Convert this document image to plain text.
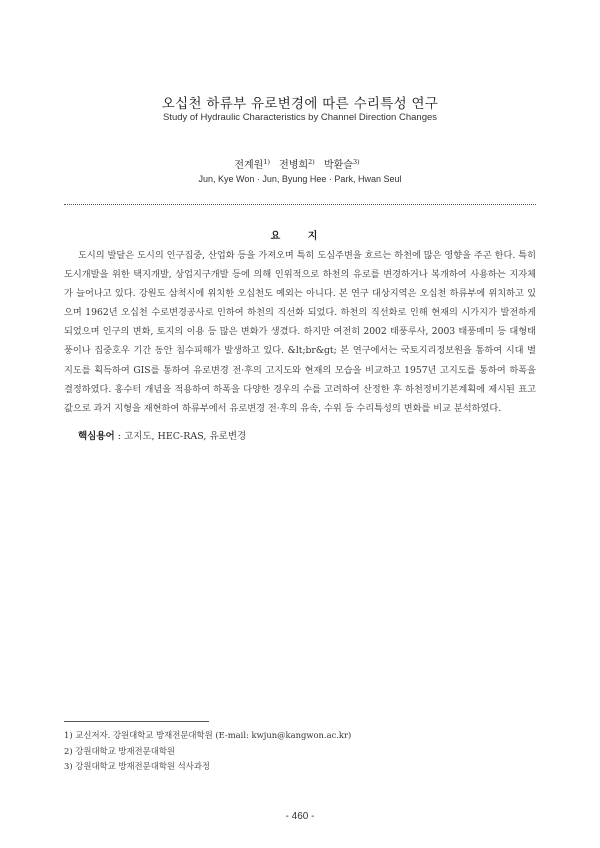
오십천 하류부 유로변경에 따른 수리특성 연구
Study of Hydraulic Characteristics by Channel Direction Changes
전계원$^{1)}$ 전병희$^{2)}$ 박환슬$^{3)}$
Jun, Kye Won · Jun, Byung Hee · Park, Hwan Seul
요 지
도시의 발달은 도시의 인구집중, 산업화 등을 가져오며 특히 도심주변을 흐르는 하천에 많은 영향을 주곤 한다. 특히 도시개발을 위한 택지개발, 상업지구개발 등에 의해 인위적으로 하천의 유로를 변경하거나 복개하여 사용하는 지자체가 늘어나고 있다. 강원도 삼척시에 위치한 오십천도 예외는 아니다. 본 연구 대상지역은 오십천 하류부에 위치하고 있으며 1962년 오십천 수로변경공사로 인하여 하천의 직선화 되었다. 하천의 직선화로 인해 현재의 시가지가 발전하게 되었으며 인구의 변화, 토지의 이용 등 많은 변화가 생겼다. 하지만 여전히 2002 태풍루사, 2003 태풍매미 등 대형태풍이나 집중호우 기간 동안 침수피해가 발생하고 있다. &lt;br&gt; 본 연구에서는 국토지리정보원을 통하여 시대 별 지도를 획득하여 GIS를 통하여 유로변경 전·후의 고지도와 현재의 모습을 비교하고 1957년 고지도를 통하여 하폭을 결정하였다. 홍수터 개념을 적용하여 하폭을 다양한 경우의 수를 고려하여 산정한 후 하천정비기본계획에 제시된 표고 값으로 과거 지형을 재현하여 하류부에서 유로변경 전·후의 유속, 수위 등 수리특성의 변화를 비교 분석하였다.
핵심용어 : 고지도, HEC-RAS, 유로변경
1) 교신저자. 강원대학교 방재전문대학원 (E-mail: kwjun@kangwon.ac.kr)
2) 강원대학교 방재전문대학원
3) 강원대학교 방재전문대학원 석사과정
- 460 -
